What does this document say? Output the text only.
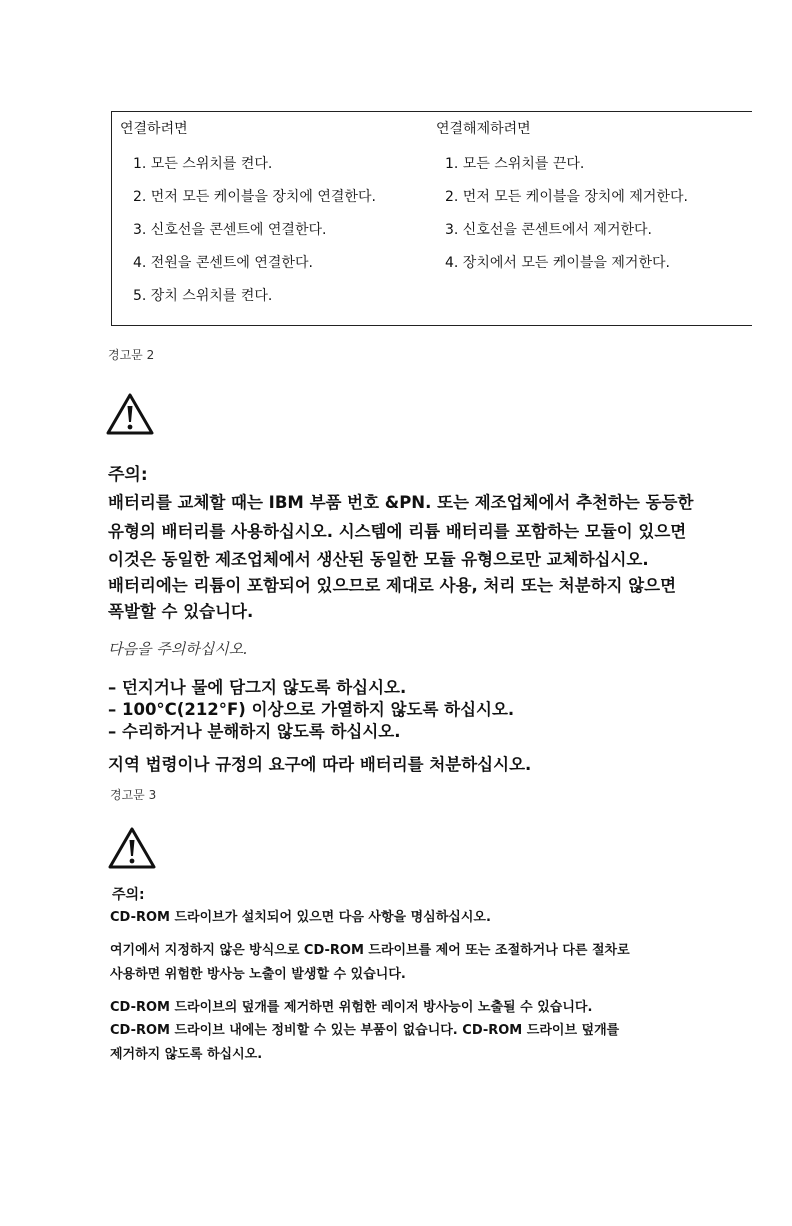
연결하려면	연결해제하려면
1. 모든 스위치를 켠다.
2. 먼저 모든 케이블을 장치에 연결한다.
3. 신호선을 콘센트에 연결한다.
4. 전원을 콘센트에 연결한다.
5. 장치 스위치를 켠다.
1. 모든 스위치를 끈다.
2. 먼저 모든 케이블을 장치에 제거한다.
3. 신호선을 콘센트에서 제거한다.
4. 장치에서 모든 케이블을 제거한다.
경고문 2
주의:
배터리를 교체할 때는 IBM 부품 번호 &PN. 또는 제조업체에서 추천하는 동등한
유형의 배터리를 사용하십시오. 시스템에 리튬 배터리를 포함하는 모듈이 있으면
이것은 동일한 제조업체에서 생산된 동일한 모듈 유형으로만 교체하십시오.
배터리에는 리튬이 포함되어 있으므로 제대로 사용, 처리 또는 처분하지 않으면
폭발할 수 있습니다.
다음을 주의하십시오.
– 던지거나 물에 담그지 않도록 하십시오.
– 100°C(212°F) 이상으로 가열하지 않도록 하십시오.
– 수리하거나 분해하지 않도록 하십시오.
지역 법령이나 규정의 요구에 따라 배터리를 처분하십시오.
경고문 3
주의:
CD-ROM 드라이브가 설치되어 있으면 다음 사항을 명심하십시오.
여기에서 지정하지 않은 방식으로 CD-ROM 드라이브를 제어 또는 조절하거나 다른 절차로
사용하면 위험한 방사능 노출이 발생할 수 있습니다.
CD-ROM 드라이브의 덮개를 제거하면 위험한 레이저 방사능이 노출될 수 있습니다.
CD-ROM 드라이브 내에는 정비할 수 있는 부품이 없습니다. CD-ROM 드라이브 덮개를
제거하지 않도록 하십시오.
